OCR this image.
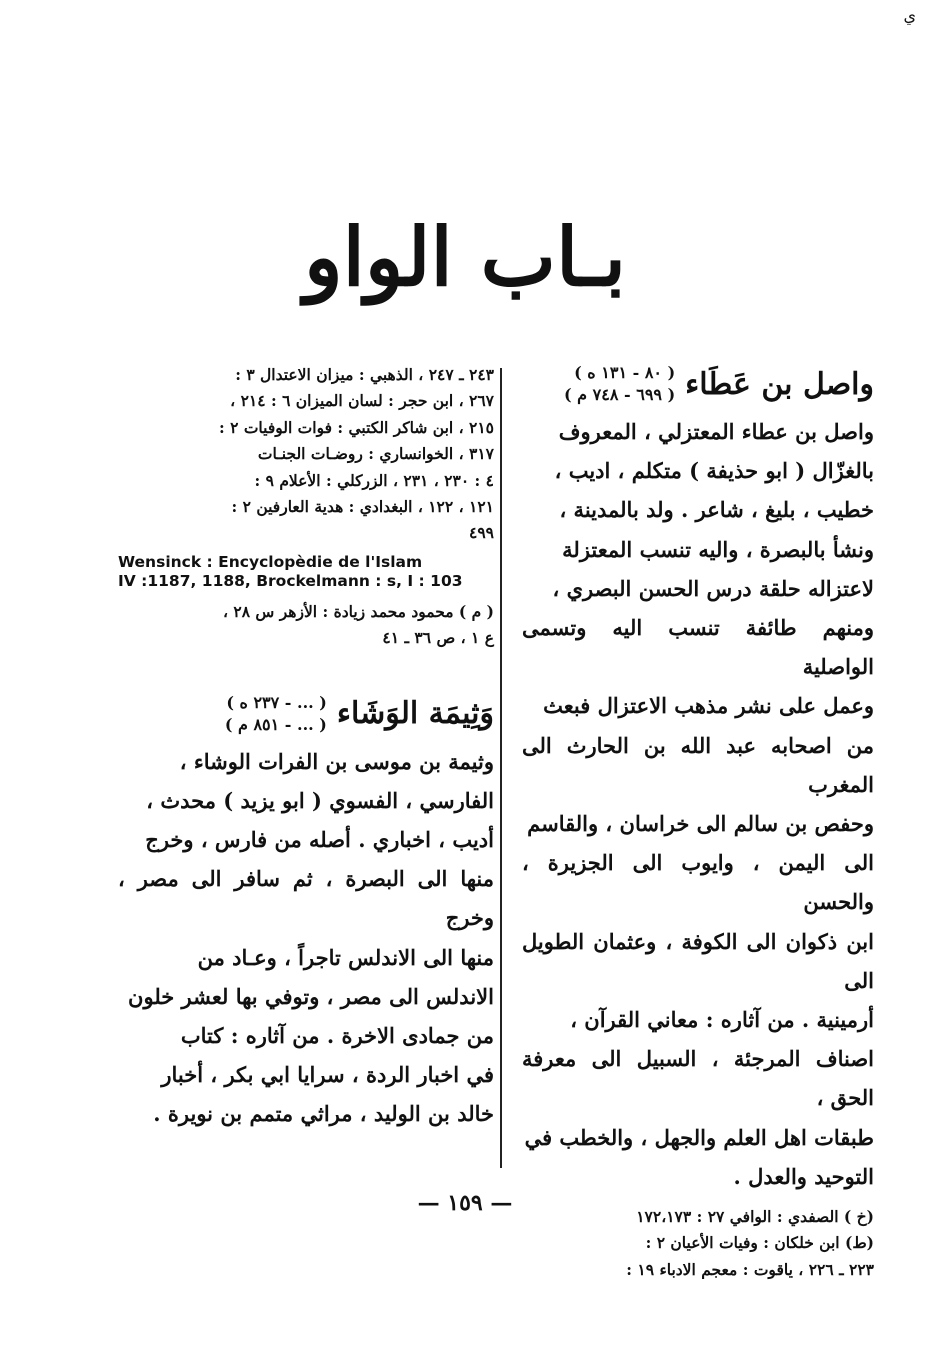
ي
بـاب الواو
واصل بن عَطَاء
( ٨٠ - ١٣١ ه )
( ٦٩٩ - ٧٤٨ م )

واصل بن عطاء المعتزلي ، المعروف

بالغزّال ( ابو حذيفة ) متكلم ، اديب ،

خطيب ، بليغ ، شاعر . ولد بالمدينة ،

ونشأ بالبصرة ، واليه تنسب المعتزلة

لاعتزاله حلقة درس الحسن البصري ،

ومنهم طائفة تنسب اليه وتسمى الواصلية

وعمل على نشر مذهب الاعتزال فبعث

من اصحابه عبد الله بن الحارث الى المغرب

وحفص بن سالم الى خراسان ، والقاسم

الى اليمن ، وايوب الى الجزيرة ، والحسن

ابن ذكوان الى الكوفة ، وعثمان الطويل الى

أرمينية . من آثاره : معاني القرآن ،

اصناف المرجئة ، السبيل الى معرفة الحق ،

طبقات اهل العلم والجهل ، والخطب في

التوحيد والعدل .

(خ ) الصفدي : الوافي ٢٧ : ١٧٢،١٧٣

(ط) ابن خلكان : وفيات الأعيان ٢ :

٢٢٣ ـ ٢٢٦ ، ياقوت : معجم الادباء ١٩ :

٢٤٣ ـ ٢٤٧ ، الذهبي : ميزان الاعتدال ٣ :

٢٦٧ ، ابن حجر : لسان الميزان ٦ : ٢١٤ ،

٢١٥ ، ابن شاكر الكتبي : فوات الوفيات ٢ :

٣١٧ ، الخوانساري : روضـات الجنـات

٤ : ٢٣٠ ، ٢٣١ ، الزركلي : الأعلام ٩ :

١٢١ ، ١٢٢ ، البغدادي : هدية العارفين ٢ :

٤٩٩

Wensinck : Encyclopèdie de l'Islam
IV :1187, 1188, Brockelmann : s, I : 103

( م ) محمود محمد زيادة : الأزهر س ٢٨ ،

ع ١ ، ص ٣٦ ـ ٤١

وَثِيمَة الوَشَاء
( ... - ٢٣٧ ه )
( ... - ٨٥١ م )

وثيمة بن موسى بن الفرات الوشاء ،

الفارسي ، الفسوي ( ابو يزيد ) محدث ،

أديب ، اخباري . أصله من فارس ، وخرج

منها الى البصرة ، ثم سافر الى مصر ، وخرج

منها الى الاندلس تاجراً ، وعـاد من

الاندلس الى مصر ، وتوفي بها لعشر خلون

من جمادى الاخرة . من آثاره : كتاب

في اخبار الردة ، سرايا ابي بكر ، أخبار

خالد بن الوليد ، مراثي متمم بن نويرة .

— ١٥٩ —
